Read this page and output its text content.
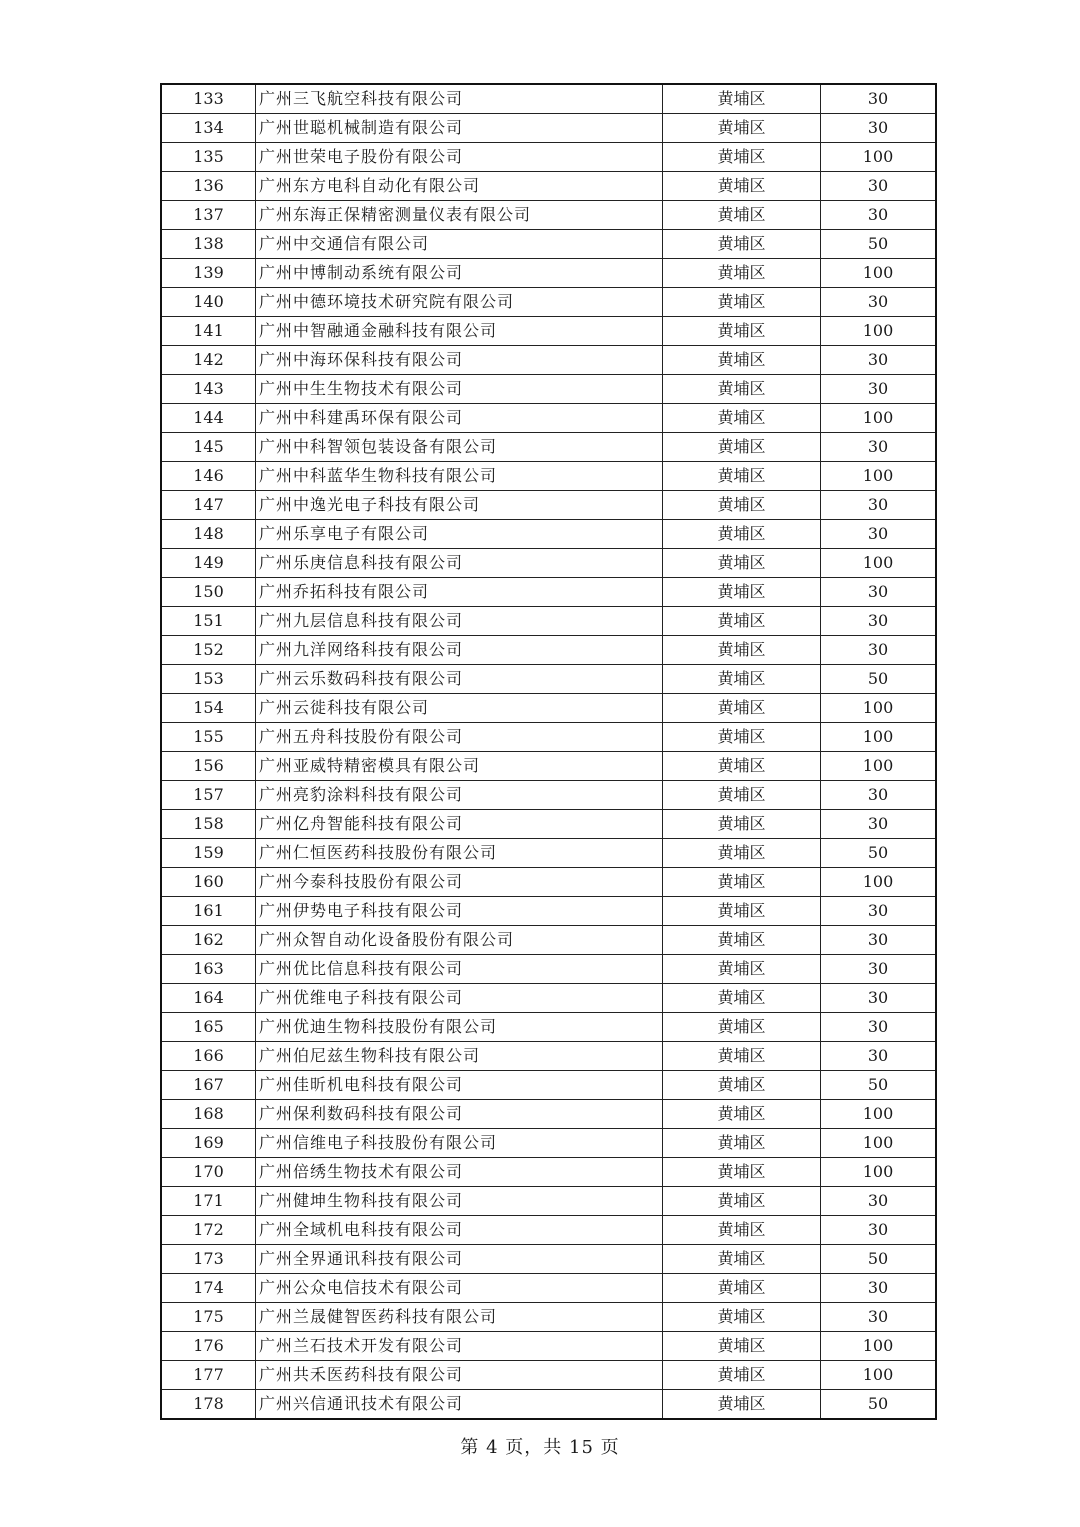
133	广州三飞航空科技有限公司	黄埔区	30
134	广州世聪机械制造有限公司	黄埔区	30
135	广州世荣电子股份有限公司	黄埔区	100
136	广州东方电科自动化有限公司	黄埔区	30
137	广州东海正保精密测量仪表有限公司	黄埔区	30
138	广州中交通信有限公司	黄埔区	50
139	广州中博制动系统有限公司	黄埔区	100
140	广州中德环境技术研究院有限公司	黄埔区	30
141	广州中智融通金融科技有限公司	黄埔区	100
142	广州中海环保科技有限公司	黄埔区	30
143	广州中生生物技术有限公司	黄埔区	30
144	广州中科建禹环保有限公司	黄埔区	100
145	广州中科智领包装设备有限公司	黄埔区	30
146	广州中科蓝华生物科技有限公司	黄埔区	100
147	广州中逸光电子科技有限公司	黄埔区	30
148	广州乐享电子有限公司	黄埔区	30
149	广州乐庚信息科技有限公司	黄埔区	100
150	广州乔拓科技有限公司	黄埔区	30
151	广州九层信息科技有限公司	黄埔区	30
152	广州九洋网络科技有限公司	黄埔区	30
153	广州云乐数码科技有限公司	黄埔区	50
154	广州云徙科技有限公司	黄埔区	100
155	广州五舟科技股份有限公司	黄埔区	100
156	广州亚威特精密模具有限公司	黄埔区	100
157	广州亮豹涂料科技有限公司	黄埔区	30
158	广州亿舟智能科技有限公司	黄埔区	30
159	广州仁恒医药科技股份有限公司	黄埔区	50
160	广州今泰科技股份有限公司	黄埔区	100
161	广州伊势电子科技有限公司	黄埔区	30
162	广州众智自动化设备股份有限公司	黄埔区	30
163	广州优比信息科技有限公司	黄埔区	30
164	广州优维电子科技有限公司	黄埔区	30
165	广州优迪生物科技股份有限公司	黄埔区	30
166	广州伯尼兹生物科技有限公司	黄埔区	30
167	广州佳昕机电科技有限公司	黄埔区	50
168	广州保利数码科技有限公司	黄埔区	100
169	广州信维电子科技股份有限公司	黄埔区	100
170	广州倍绣生物技术有限公司	黄埔区	100
171	广州健坤生物科技有限公司	黄埔区	30
172	广州全域机电科技有限公司	黄埔区	30
173	广州全界通讯科技有限公司	黄埔区	50
174	广州公众电信技术有限公司	黄埔区	30
175	广州兰晟健智医药科技有限公司	黄埔区	30
176	广州兰石技术开发有限公司	黄埔区	100
177	广州共禾医药科技有限公司	黄埔区	100
178	广州兴信通讯技术有限公司	黄埔区	50
第 4 页，共 15 页
